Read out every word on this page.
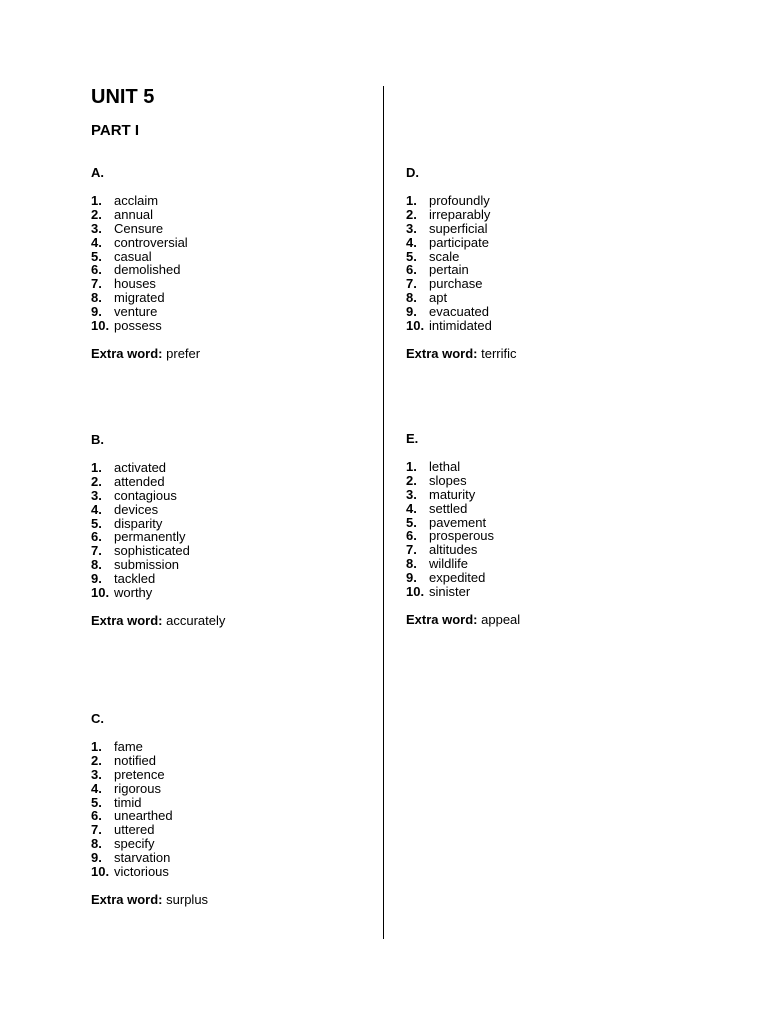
UNIT 5
PART I
A.
1. acclaim
2. annual
3. Censure
4. controversial
5. casual
6. demolished
7. houses
8. migrated
9. venture
10. possess
Extra word: prefer
B.
1. activated
2. attended
3. contagious
4. devices
5. disparity
6. permanently
7. sophisticated
8. submission
9. tackled
10. worthy
Extra word: accurately
C.
1. fame
2. notified
3. pretence
4. rigorous
5. timid
6. unearthed
7. uttered
8. specify
9. starvation
10. victorious
Extra word: surplus
D.
1. profoundly
2. irreparably
3. superficial
4. participate
5. scale
6. pertain
7. purchase
8. apt
9. evacuated
10. intimidated
Extra word: terrific
E.
1. lethal
2. slopes
3. maturity
4. settled
5. pavement
6. prosperous
7. altitudes
8. wildlife
9. expedited
10. sinister
Extra word: appeal
